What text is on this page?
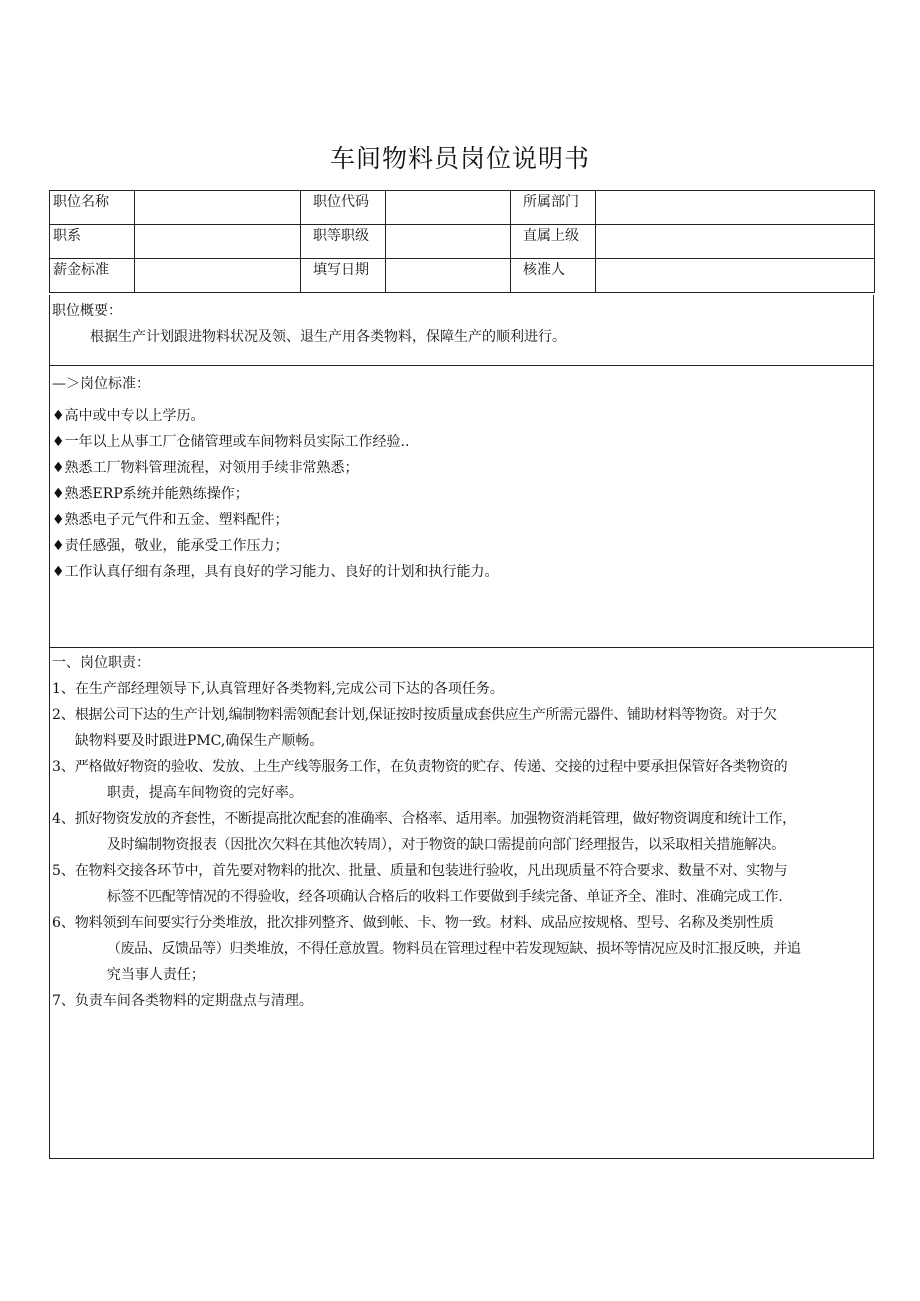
车间物料员岗位说明书
职位名称		职位代码		所属部门	
职系		职等职级		直属上级	
薪金标准		填写日期		核准人	
职位概要：
根据生产计划跟进物料状况及领、退生产用各类物料，保障生产的顺利进行。
—＞岗位标准：
♦高中或中专以上学历。
♦一年以上从事工厂仓储管理或车间物料员实际工作经验..
♦熟悉工厂物料管理流程，对领用手续非常熟悉；
♦熟悉ERP系统并能熟练操作；
♦熟悉电子元气件和五金、塑料配件；
♦责任感强，敬业，能承受工作压力；
♦工作认真仔细有条理，具有良好的学习能力、良好的计划和执行能力。
一、岗位职责：
1、 在生产部经理领导下,认真管理好各类物料,完成公司下达的各项任务。
2、 根据公司下达的生产计划,编制物料需领配套计划,保证按时按质量成套供应生产所需元器件、铺助材料等物资。对于欠
缺物料要及时跟进PMC,确保生产顺畅。
3、 严格做好物资的验收、发放、上生产线等服务工作，在负责物资的贮存、传递、交接的过程中要承担保管好各类物资的
职责，提高车间物资的完好率。
4、 抓好物资发放的齐套性，不断提高批次配套的准确率、合格率、适用率。加强物资消耗管理，做好物资调度和统计工作，
及时编制物资报表（因批次欠料在其他次转周），对于物资的缺口需提前向部门经理报告，以采取相关措施解决。
5、 在物料交接各环节中，首先要对物料的批次、批量、质量和包装进行验收，凡出现质量不符合要求、数量不对、实物与
标签不匹配等情况的不得验收，经各项确认合格后的收料工作要做到手续完备、单证齐全、准时、准确完成工作.
6、 物料领到车间要实行分类堆放，批次排列整齐、做到帐、卡、物一致。材料、成品应按规格、型号、名称及类别性质
（废品、反馈品等）归类堆放，不得任意放置。物料员在管理过程中若发现短缺、损坏等情况应及时汇报反映，并追
究当事人责任；
7、 负责车间各类物料的定期盘点与清理。
